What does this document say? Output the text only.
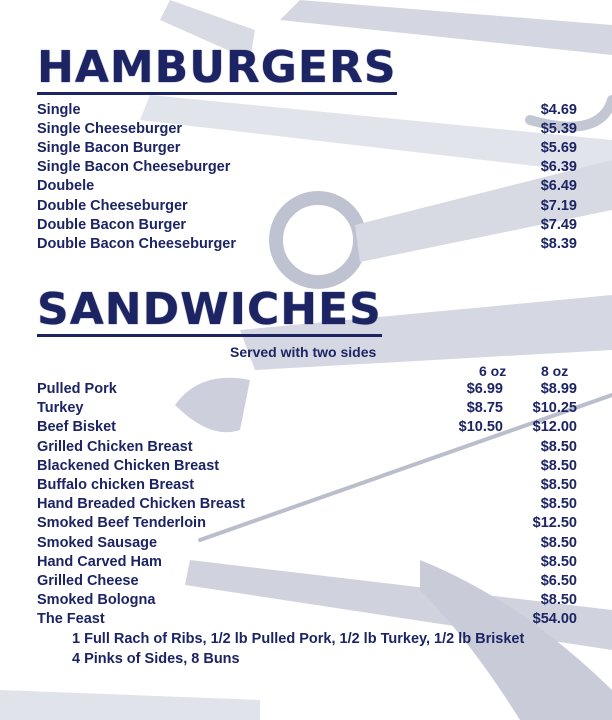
HAMBURGERS
Single	$4.69
Single Cheeseburger	$5.39
Single Bacon Burger	$5.69
Single Bacon Cheeseburger	$6.39
Doubele	$6.49
Double Cheeseburger	$7.19
Double Bacon Burger	$7.49
Double Bacon Cheeseburger	$8.39
SANDWICHES
Served with two sides
6 oz 8 oz
Pulled Pork	$6.99	$8.99
Turkey	$8.75 $10.25
Beef Bisket	$10.50 $12.00
Grilled Chicken Breast	$8.50
Blackened Chicken Breast	$8.50
Buffalo chicken Breast	$8.50
Hand Breaded Chicken Breast	$8.50
Smoked Beef Tenderloin	$12.50
Smoked Sausage	$8.50
Hand Carved Ham	$8.50
Grilled Cheese	$6.50
Smoked Bologna	$8.50
The Feast	$54.00
1 Full Rach of Ribs, 1/2 lb Pulled Pork, 1/2 lb Turkey, 1/2 lb Brisket
4 Pinks of Sides, 8 Buns
